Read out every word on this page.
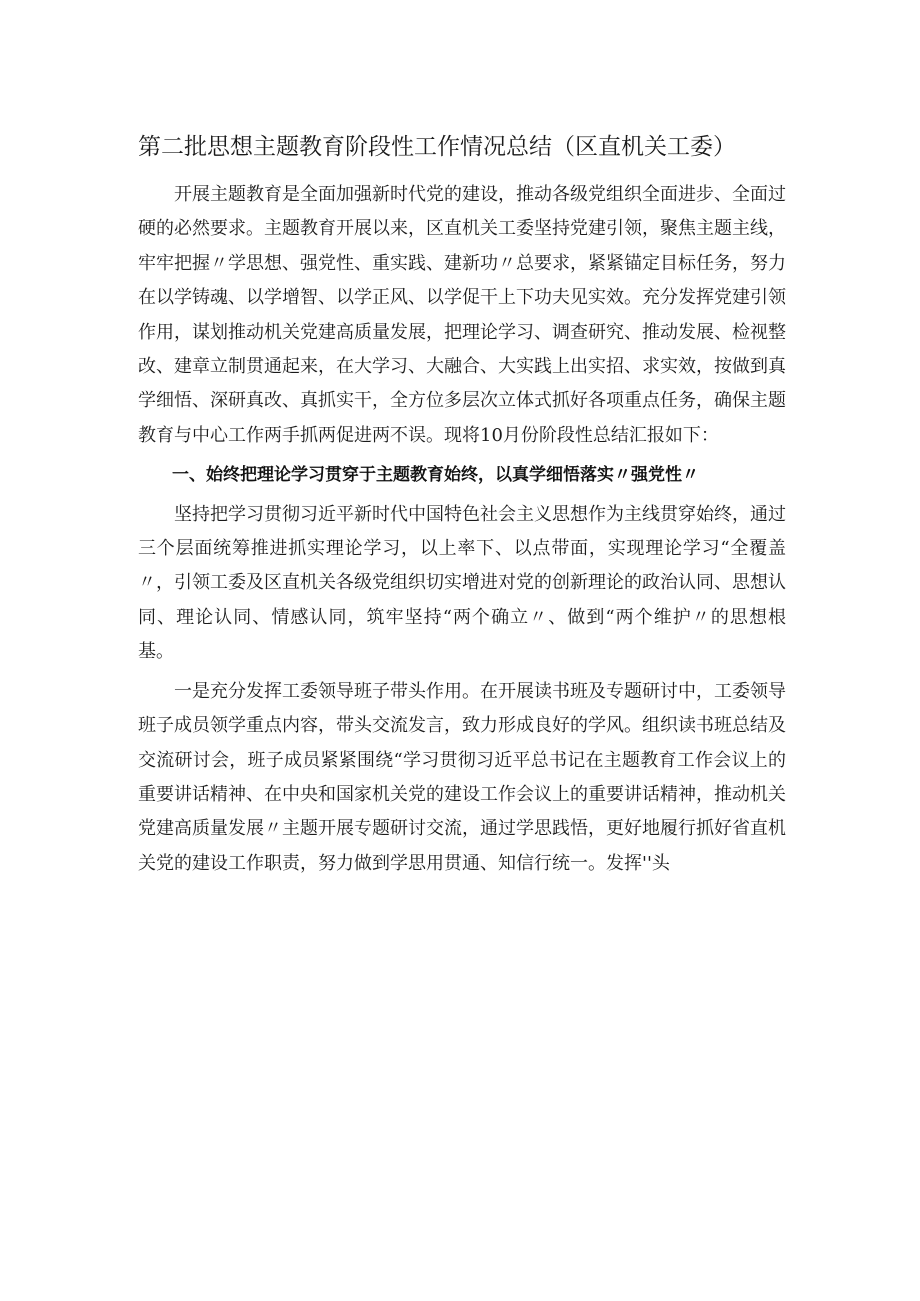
第二批思想主题教育阶段性工作情况总结（区直机关工委）

开展主题教育是全面加强新时代党的建设，推动各级党组织全面进步、全面过硬的必然要求。主题教育开展以来，区直机关工委坚持党建引领，聚焦主题主线，牢牢把握〃学思想、强党性、重实践、建新功〃总要求，紧紧锚定目标任务，努力在以学铸魂、以学增智、以学正风、以学促干上下功夫见实效。充分发挥党建引领作用，谋划推动机关党建高质量发展，把理论学习、调查研究、推动发展、检视整改、建章立制贯通起来，在大学习、大融合、大实践上出实招、求实效，按做到真学细悟、深研真改、真抓实干，全方位多层次立体式抓好各项重点任务，确保主题教育与中心工作两手抓两促进两不误。现将10月份阶段性总结汇报如下：

一、始终把理论学习贯穿于主题教育始终，以真学细悟落实〃强党性〃

坚持把学习贯彻习近平新时代中国特色社会主义思想作为主线贯穿始终，通过三个层面统筹推进抓实理论学习，以上率下、以点带面，实现理论学习“全覆盖〃，引领工委及区直机关各级党组织切实增进对党的创新理论的政治认同、思想认同、理论认同、情感认同，筑牢坚持“两个确立〃、做到“两个维护〃的思想根基。

一是充分发挥工委领导班子带头作用。在开展读书班及专题研讨中，工委领导班子成员领学重点内容，带头交流发言，致力形成良好的学风。组织读书班总结及交流研讨会，班子成员紧紧围绕“学习贯彻习近平总书记在主题教育工作会议上的重要讲话精神、在中央和国家机关党的建设工作会议上的重要讲话精神，推动机关党建高质量发展〃主题开展专题研讨交流，通过学思践悟，更好地履行抓好省直机关党的建设工作职责，努力做到学思用贯通、知信行统一。发挥''头
